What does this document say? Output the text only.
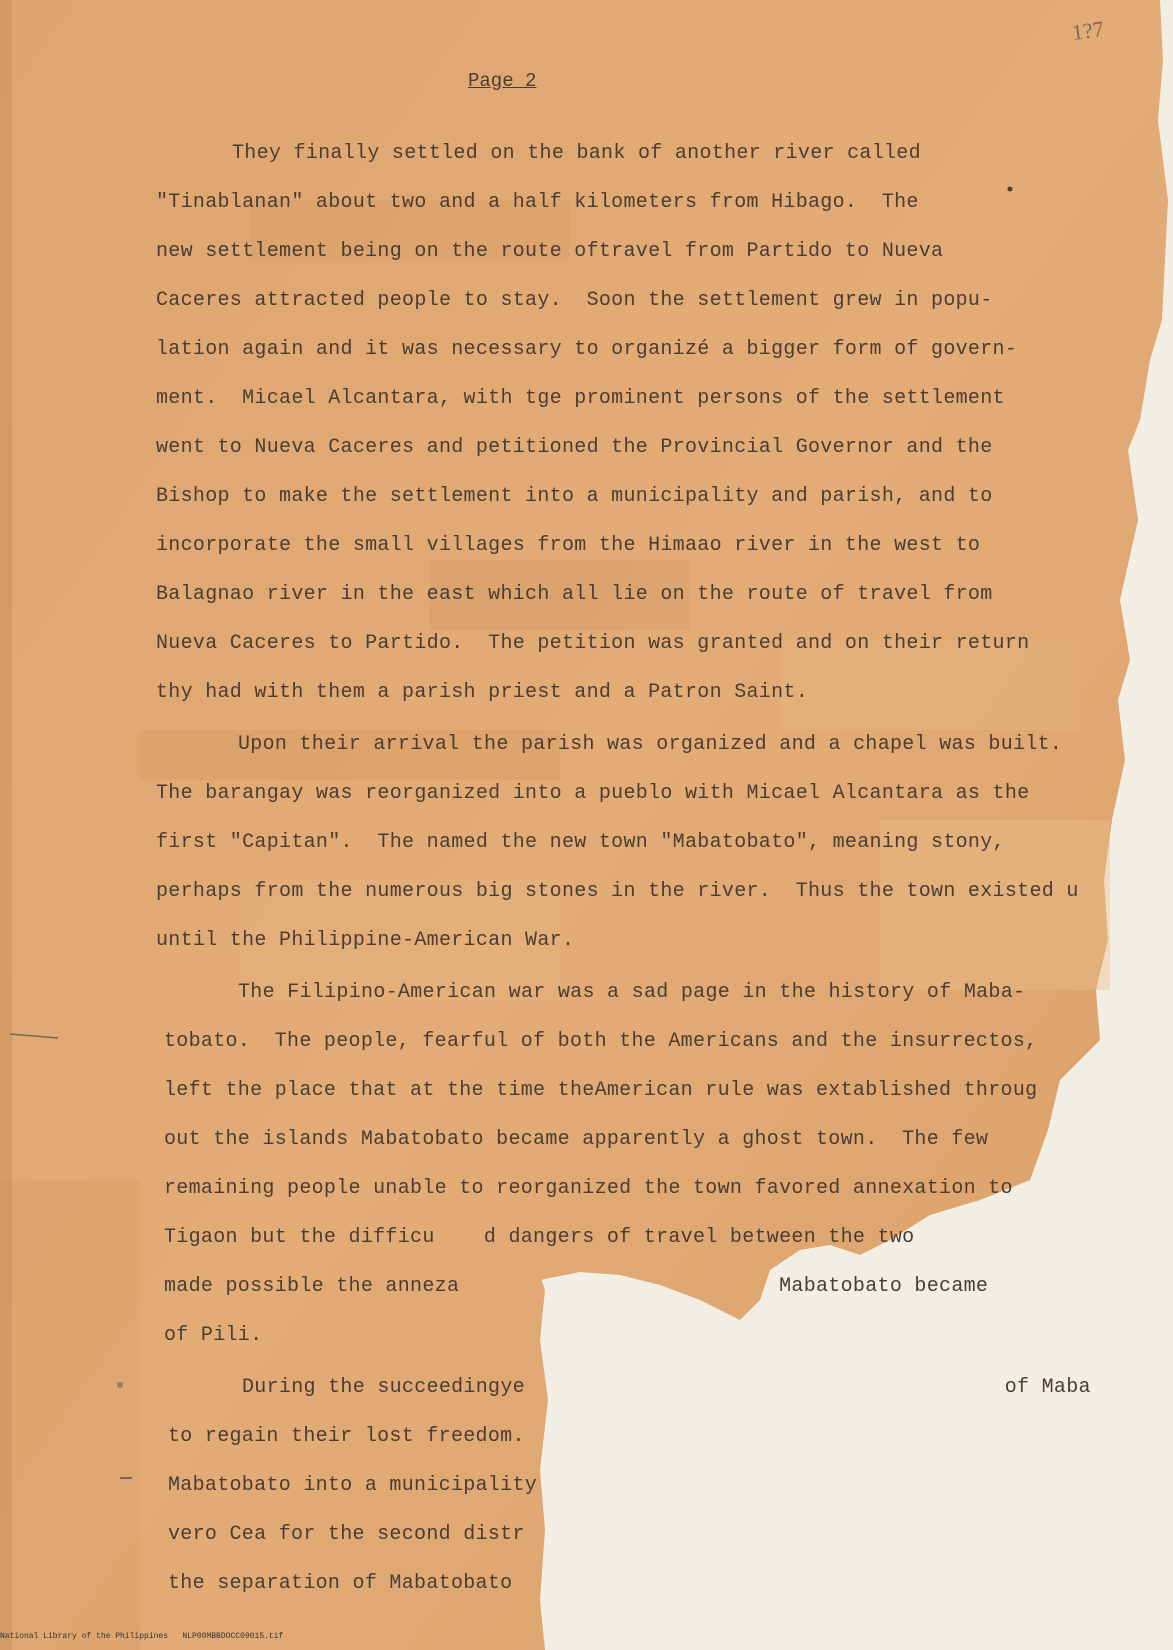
1?7
Page 2
They finally settled on the bank of another river called
"Tinablanan" about two and a half kilometers from Hibago.  The
new settlement being on the route oftravel from Partido to Nueva
Caceres attracted people to stay.  Soon the settlement grew in popu-
lation again and it was necessary to organizé a bigger form of govern-
ment.  Micael Alcantara, with tge prominent persons of the settlement
went to Nueva Caceres and petitioned the Provincial Governor and the
Bishop to make the settlement into a municipality and parish, and to
incorporate the small villages from the Himaao river in the west to
Balagnao river in the east which all lie on the route of travel from
Nueva Caceres to Partido.  The petition was granted and on their return
thy had with them a parish priest and a Patron Saint.
Upon their arrival the parish was organized and a chapel was built.
The barangay was reorganized into a pueblo with Micael Alcantara as the
first "Capitan".  The named the new town "Mabatobato", meaning stony,
perhaps from the numerous big stones in the river.  Thus the town existed u
until the Philippine-American War.
The Filipino-American war was a sad page in the history of Maba-
tobato.  The people, fearful of both the Americans and the insurrectos,
left the place that at the time theAmerican rule was extablished throug
out the islands Mabatobato became apparently a ghost town.  The few
remaining people unable to reorganized the town favored annexation to
Tigaon but the difficu    d dangers of travel between the two
made possible the anneza                          Mabatobato became
of Pili.
During the succeedingye                                       of Maba
to regain their lost freedom.
Mabatobato into a municipality
vero Cea for the second distr
the separation of Mabatobato
National Library of the Philippines   NLP00MBBDOCC09015.tif
